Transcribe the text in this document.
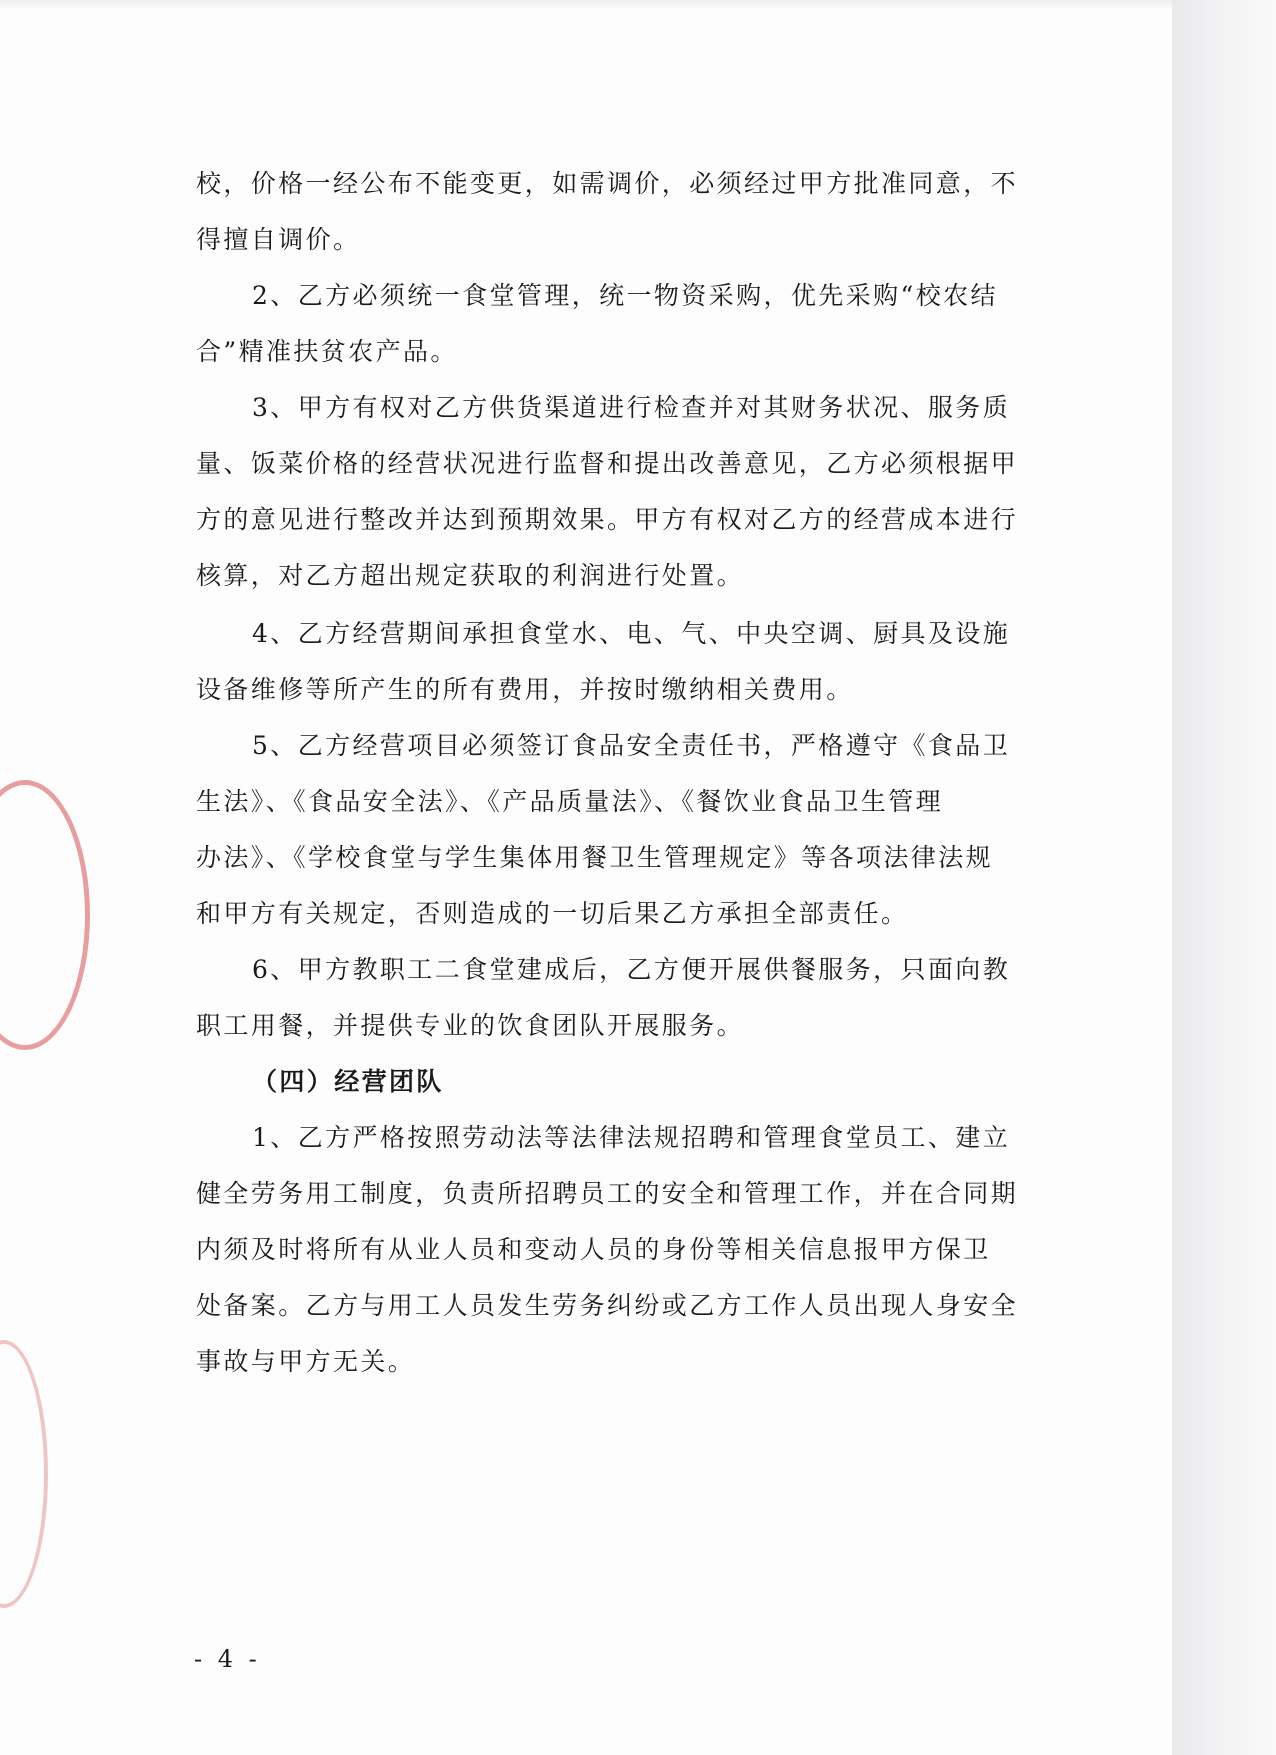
校，价格一经公布不能变更，如需调价，必须经过甲方批准同意，不
得擅自调价。
2、乙方必须统一食堂管理，统一物资采购，优先采购“校农结
合”精准扶贫农产品。
3、甲方有权对乙方供货渠道进行检查并对其财务状况、服务质
量、饭菜价格的经营状况进行监督和提出改善意见，乙方必须根据甲
方的意见进行整改并达到预期效果。甲方有权对乙方的经营成本进行
核算，对乙方超出规定获取的利润进行处置。
4、乙方经营期间承担食堂水、电、气、中央空调、厨具及设施
设备维修等所产生的所有费用，并按时缴纳相关费用。
5、乙方经营项目必须签订食品安全责任书，严格遵守《食品卫
生法》、《食品安全法》、《产品质量法》、《餐饮业食品卫生管理
办法》、《学校食堂与学生集体用餐卫生管理规定》等各项法律法规
和甲方有关规定，否则造成的一切后果乙方承担全部责任。
6、甲方教职工二食堂建成后，乙方便开展供餐服务，只面向教
职工用餐，并提供专业的饮食团队开展服务。
（四）经营团队
1、乙方严格按照劳动法等法律法规招聘和管理食堂员工、建立
健全劳务用工制度，负责所招聘员工的安全和管理工作，并在合同期
内须及时将所有从业人员和变动人员的身份等相关信息报甲方保卫
处备案。乙方与用工人员发生劳务纠纷或乙方工作人员出现人身安全
事故与甲方无关。
- 4 -
